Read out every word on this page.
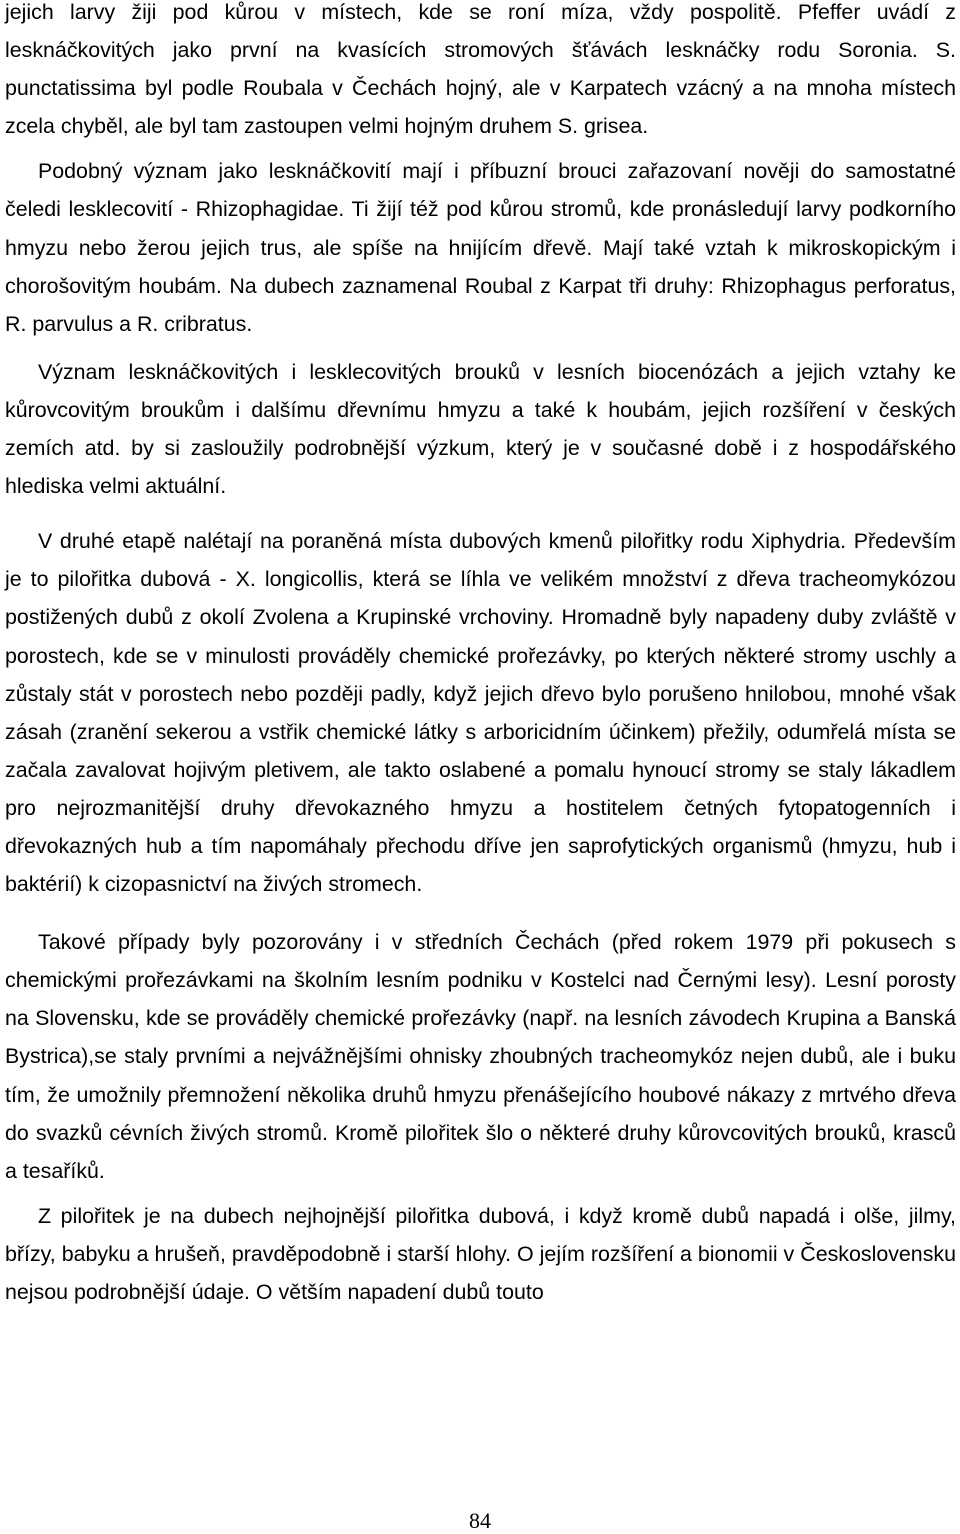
jejich larvy žiji pod kůrou v místech, kde se roní míza, vždy pospolitě. Pfeffer uvádí z lesknáčkovitých jako první na kvasících stromových šťávách lesknáčky rodu Soronia. S. punctatissima byl podle Roubala v Čechách hojný, ale v Karpatech vzácný a na mnoha místech zcela chyběl, ale byl tam zastoupen velmi hojným druhem S. grisea.

Podobný význam jako lesknáčkovití mají i příbuzní brouci zařazovaní nověji do samostatné čeledi lesklecovití - Rhizophagidae. Ti žijí též pod kůrou stromů, kde pronásledují larvy podkorního hmyzu nebo žerou jejich trus, ale spíše na hnijícím dřevě. Mají také vztah k mikroskopickým i chorošovitým houbám. Na dubech zaznamenal Roubal z Karpat tři druhy: Rhizophagus perforatus, R. parvulus a R. cribratus.

Význam lesknáčkovitých i lesklecovitých brouků v lesních biocenózách a jejich vztahy ke kůrovcovitým broukům i dalšímu dřevnímu hmyzu a také k houbám, jejich rozšíření v českých zemích atd. by si zasloužily podrobnější výzkum, který je v současné době i z hospodářského hlediska velmi aktuální.

V druhé etapě nalétají na poraněná místa dubových kmenů pilořitky rodu Xiphydria. Především je to pilořitka dubová - X. longicollis, která se líhla ve velikém množství z dřeva tracheomykózou postižených dubů z okolí Zvolena a Krupinské vrchoviny. Hromadně byly napadeny duby zvláště v porostech, kde se v minulosti prováděly chemické prořezávky, po kterých některé stromy uschly a zůstaly stát v porostech nebo později padly, když jejich dřevo bylo porušeno hnilobou, mnohé však zásah (zranění sekerou a vstřik chemické látky s arboricidním účinkem) přežily, odumřelá místa se začala zavalovat hojivým pletivem, ale takto oslabené a pomalu hynoucí stromy se staly lákadlem pro nejrozmanitější druhy dřevokazného hmyzu a hostitelem četných fytopatogenních i dřevokazných hub a tím napomáhaly přechodu dříve jen saprofytických organismů (hmyzu, hub i baktérií) k cizopasnictví na živých stromech.

Takové případy byly pozorovány i v středních Čechách (před rokem 1979 při pokusech s chemickými prořezávkami na školním lesním podniku v Kostelci nad Černými lesy). Lesní porosty na Slovensku, kde se prováděly chemické prořezávky (např. na lesních závodech Krupina a Banská Bystrica),se staly prvními a nejvážnějšími ohnisky zhoubných tracheomykóz nejen dubů, ale i buku tím, že umožnily přemnožení několika druhů hmyzu přenášejícího houbové nákazy z mrtvého dřeva do svazků cévních živých stromů. Kromě pilořitek šlo o některé druhy kůrovcovitých brouků, krasců a tesaříků.

Z pilořitek je na dubech nejhojnější pilořitka dubová, i když kromě dubů napadá i olše, jilmy, břízy, babyku a hrušeň, pravděpodobně i starší hlohy. O jejím rozšíření a bionomii v Československu nejsou podrobnější údaje. O větším napadení dubů touto

84
